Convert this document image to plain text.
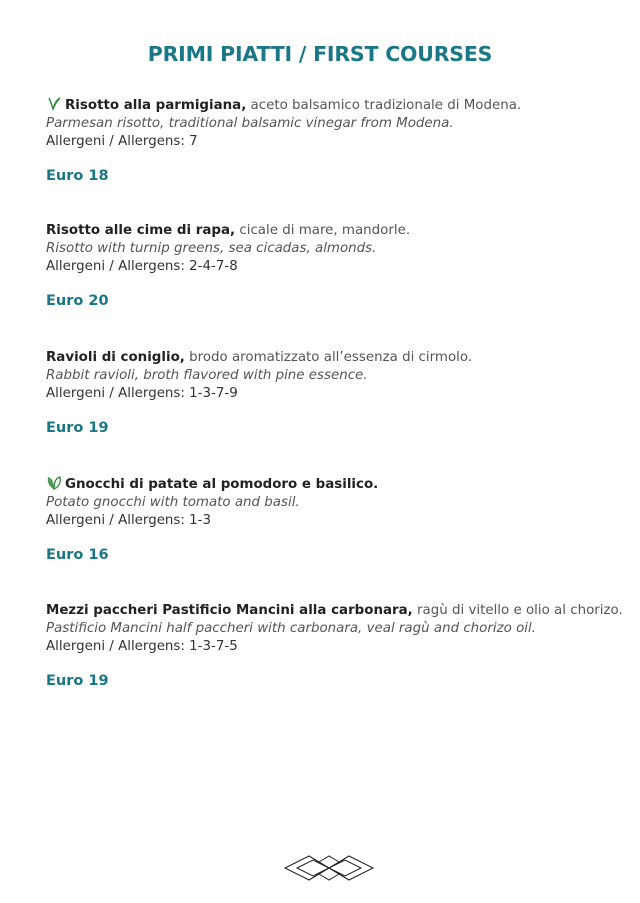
PRIMI PIATTI / FIRST COURSES
Risotto alla parmigiana, aceto balsamico tradizionale di Modena.
Parmesan risotto, traditional balsamic vinegar from Modena.
Allergeni / Allergens: 7
Euro 18
Risotto alle cime di rapa, cicale di mare, mandorle.
Risotto with turnip greens, sea cicadas, almonds.
Allergeni / Allergens: 2-4-7-8
Euro 20
Ravioli di coniglio, brodo aromatizzato all’essenza di cirmolo.
Rabbit ravioli, broth flavored with pine essence.
Allergeni / Allergens: 1-3-7-9
Euro 19
Gnocchi di patate al pomodoro e basilico.
Potato gnocchi with tomato and basil.
Allergeni / Allergens: 1-3
Euro 16
Mezzi paccheri Pastificio Mancini alla carbonara, ragù di vitello e olio al chorizo.
Pastificio Mancini half paccheri with carbonara, veal ragù and chorizo oil.
Allergeni / Allergens: 1-3-7-5
Euro 19
